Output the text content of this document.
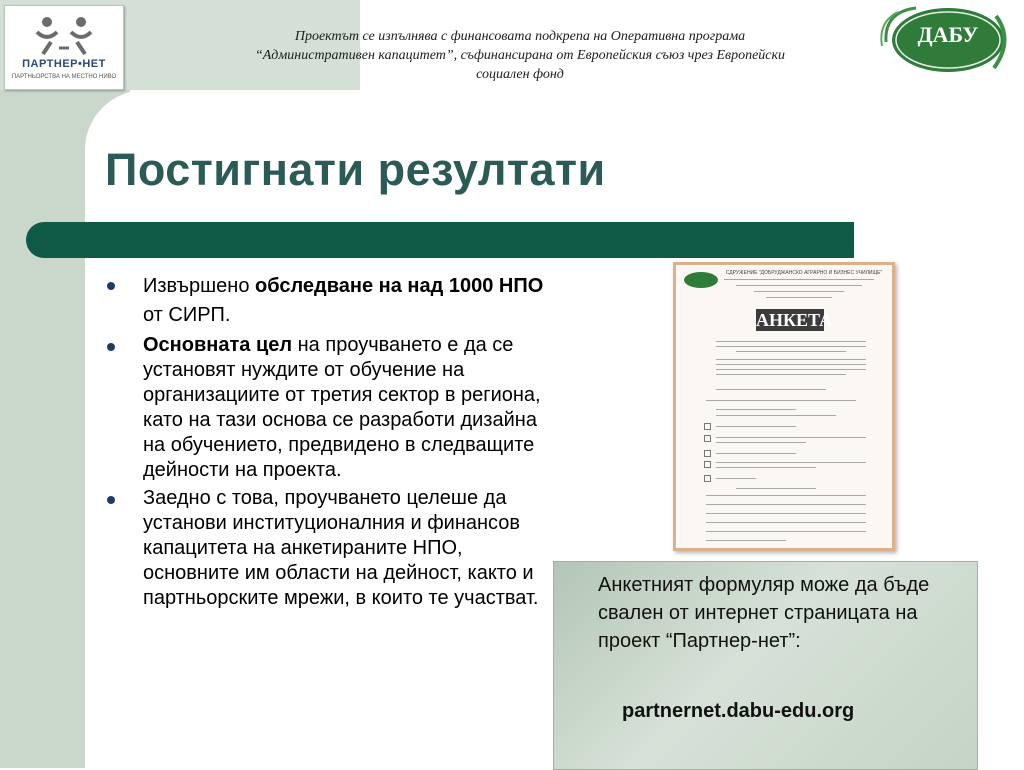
ПАРТНЕР•НЕТ
ПАРТНЬОРСТВА НА МЕСТНО НИВО
Проектът се изпълнява с финансовата подкрепа на Оперативна програма
“Административен капацитет”, съфинансирана от Европейския съюз чрез Европейски
социален фонд
ДАБУ
Постигнати резултати
Извършено обследване на над 1000 НПО от СИРП.
Основната цел на проучването е да се установят нуждите от обучение на организациите от третия сектор в региона, като на тази основа се разработи дизайна на обучението, предвидено в следващите дейности на проекта.
Заедно с това, проучването целеше да установи институционалния и финансов капацитета на анкетираните НПО, основните им области на дейност, както и партньорските мрежи, в които те участват.
СДРУЖЕНИЕ "ДОБРУДЖАНСКО АГРАРНО И БИЗНЕС УЧИЛИЩЕ"
АНКЕТА
Анкетният формуляр може да бъде свален от интернет страницата на проект “Партнер-нет”:
partnernet.dabu-edu.org
